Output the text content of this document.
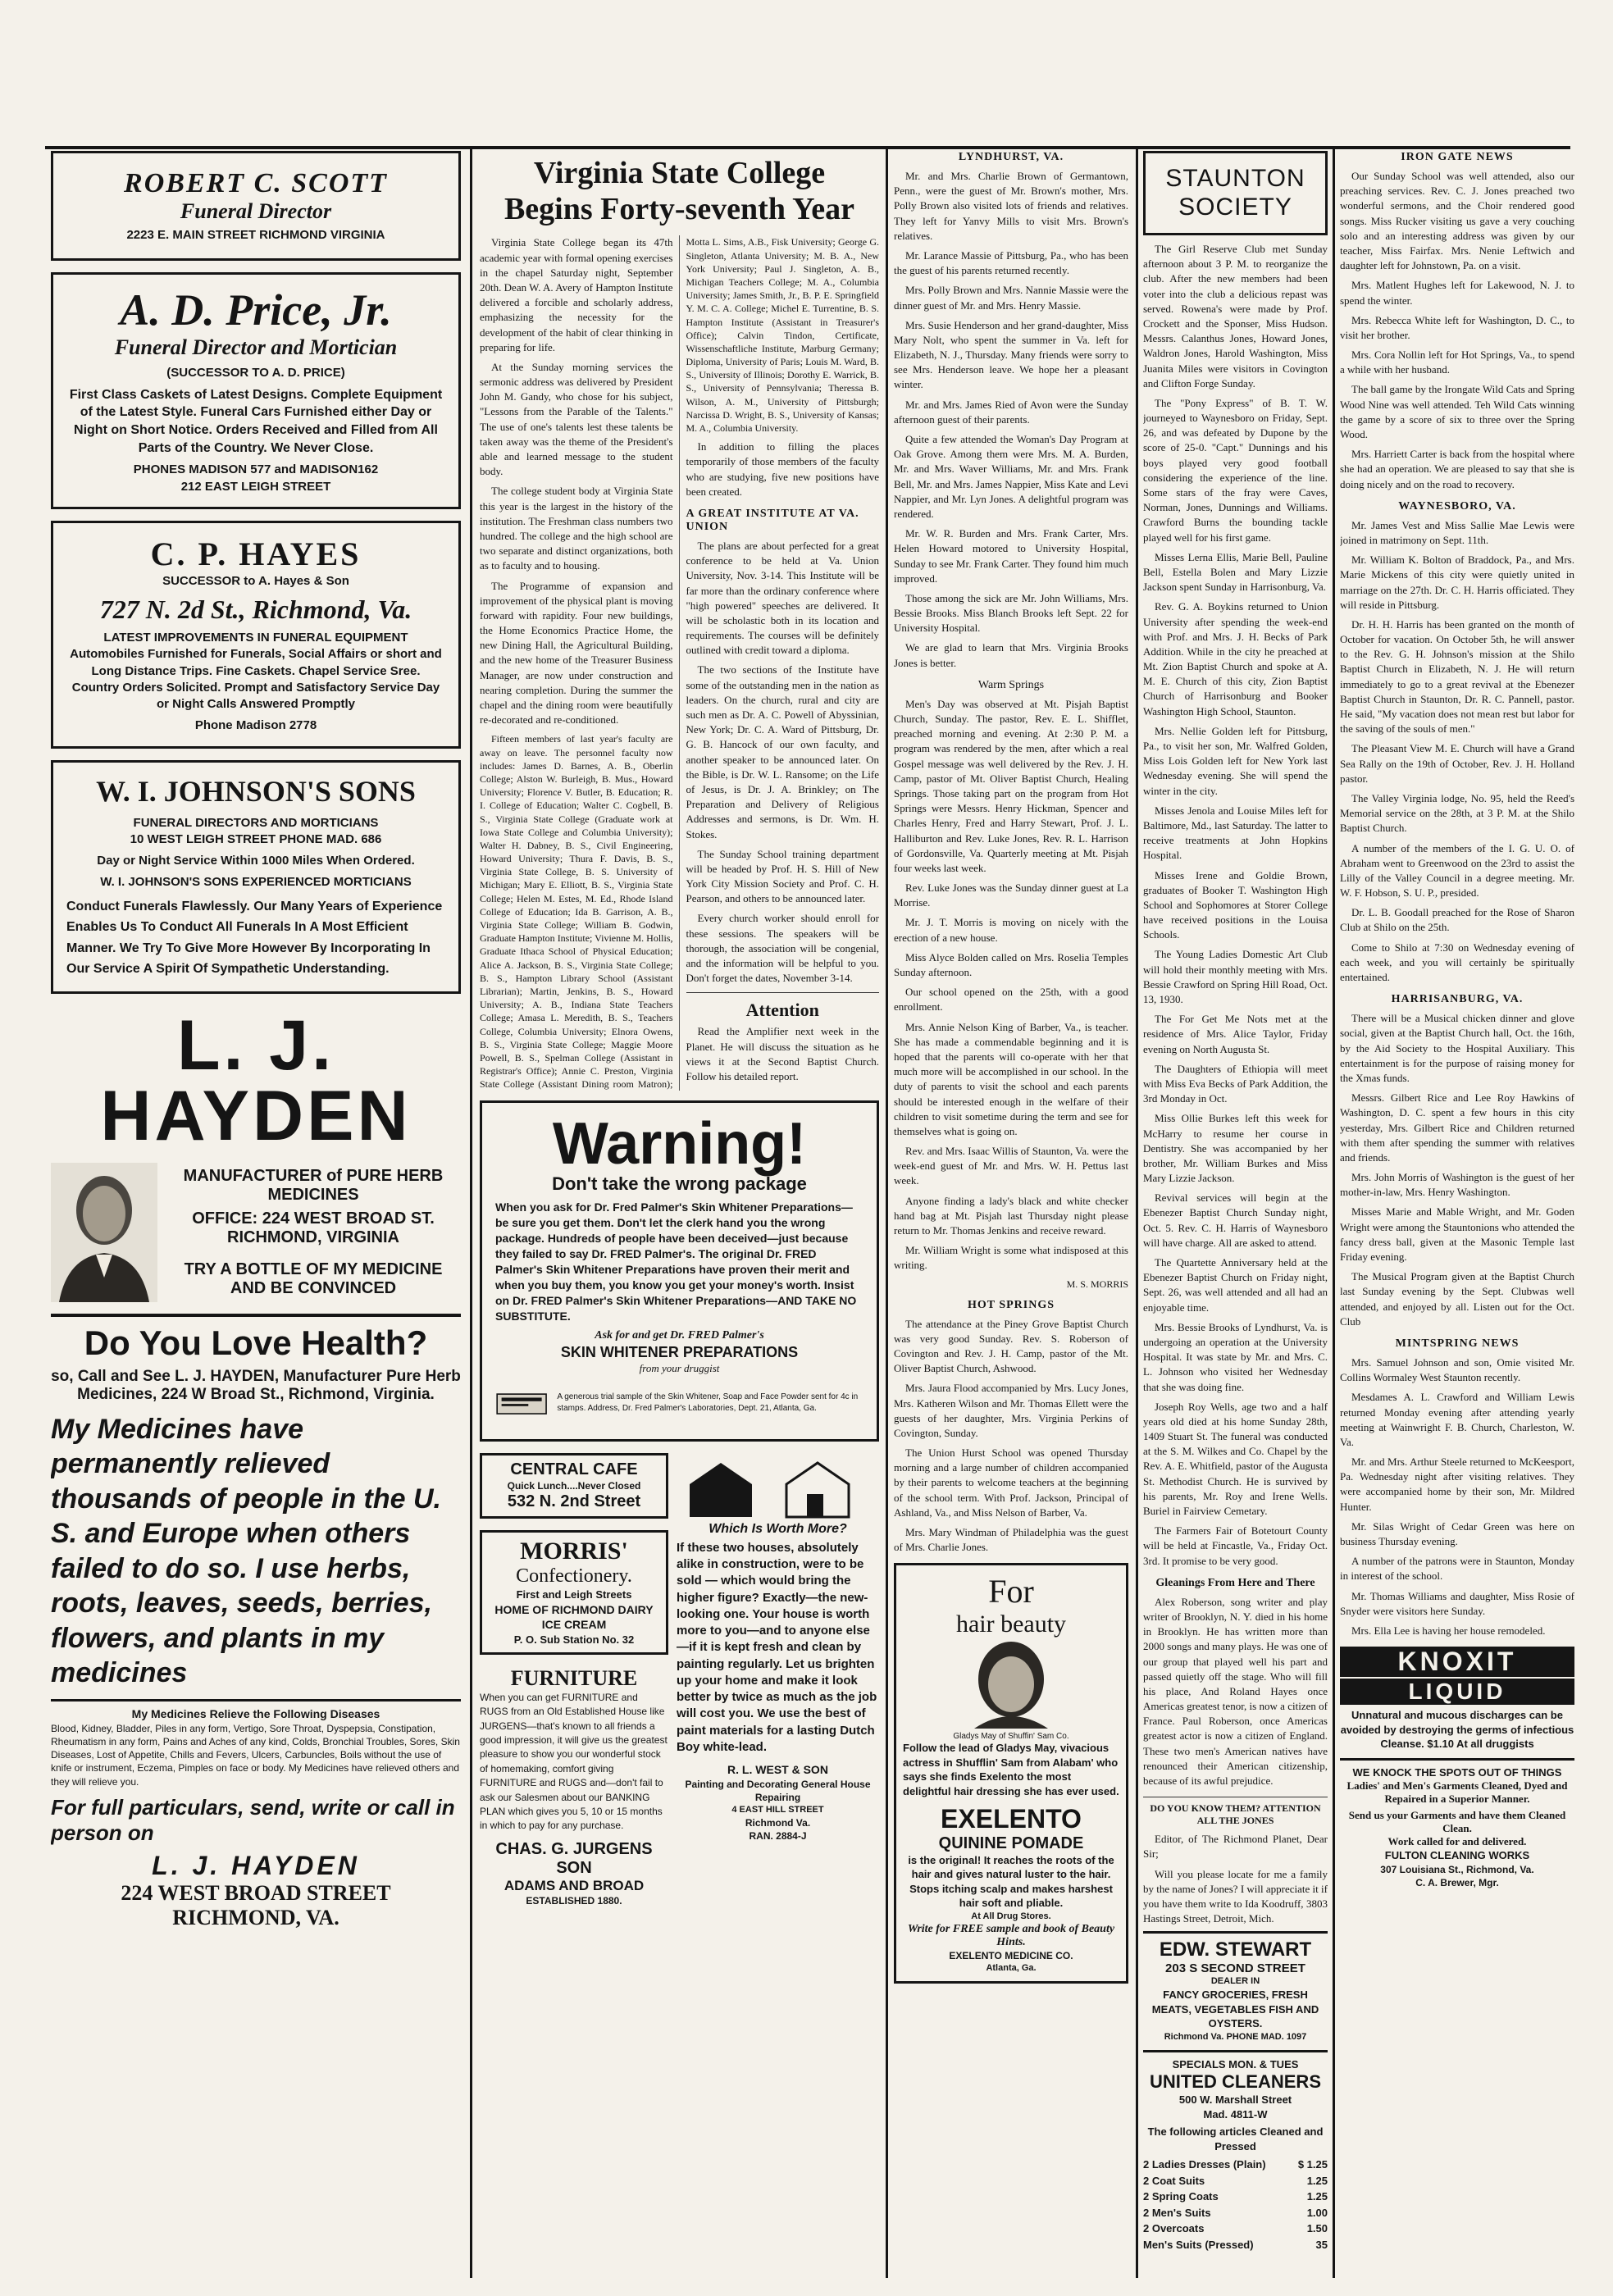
ROBERT C. SCOTT
Funeral Director
2223 E. MAIN STREET RICHMOND VIRGINIA
A. D. Price, Jr.
Funeral Director and Mortician
(SUCCESSOR TO A. D. PRICE)
First Class Caskets of Latest Designs. Complete Equipment of the Latest Style. Funeral Cars Furnished either Day or Night on Short Notice. Orders Received and Filled from All Parts of the Country. We Never Close.
PHONES MADISON 577 and MADISON162
212 EAST LEIGH STREET
C. P. HAYES
SUCCESSOR to A. Hayes & Son
727 N. 2d St., Richmond, Va.
LATEST IMPROVEMENTS IN FUNERAL EQUIPMENT Automobiles Furnished for Funerals, Social Affairs or short and Long Distance Trips. Fine Caskets. Chapel Service Sree. Country Orders Solicited. Prompt and Satisfactory Service Day or Night Calls Answered Promptly
Phone Madison 2778
W. I. JOHNSON'S SONS
FUNERAL DIRECTORS AND MORTICIANS
10 WEST LEIGH STREET PHONE MAD. 686
Day or Night Service Within 1000 Miles When Ordered.
W. I. JOHNSON'S SONS EXPERIENCED MORTICIANS
Conduct Funerals Flawlessly. Our Many Years of Experience Enables Us To Conduct All Funerals In A Most Efficient Manner. We Try To Give More However By Incorporating In Our Service A Spirit Of Sympathetic Understanding.
L. J. HAYDEN
MANUFACTURER of PURE HERB MEDICINES
OFFICE: 224 WEST BROAD ST. RICHMOND, VIRGINIA
TRY A BOTTLE OF MY MEDICINE AND BE CONVINCED
Do You Love Health?
so, Call and See L. J. HAYDEN, Manufacturer Pure Herb Medicines, 224 W Broad St., Richmond, Virginia.
My Medicines have permanently relieved thousands of people in the U. S. and Europe when others failed to do so. I use herbs, roots, leaves, seeds, berries, flowers, and plants in my medicines
My Medicines Relieve the Following Diseases
Blood, Kidney, Bladder, Piles in any form, Vertigo, Sore Throat, Dyspepsia, Constipation, Rheumatism in any form, Pains and Aches of any kind, Colds, Bronchial Troubles, Sores, Skin Diseases, Lost of Appetite, Chills and Fevers, Ulcers, Carbuncles, Boils without the use of knife or instrument, Eczema, Pimples on face or body. My Medicines have relieved others and they will relieve you.
For full particulars, send, write or call in person on
L. J. HAYDEN
224 WEST BROAD STREET
RICHMOND, VA.
Virginia State College Begins Forty-seventh Year

Virginia State College began its 47th academic year with formal opening exercises in the chapel Saturday night, September 20th. Dean W. A. Avery of Hampton Institute delivered a forcible and scholarly address, emphasizing the necessity for the development of the habit of clear thinking in preparing for life.

At the Sunday morning services the sermonic address was delivered by President John M. Gandy, who chose for his subject, "Lessons from the Parable of the Talents." The use of one's talents lest these talents be taken away was the theme of the President's able and learned message to the student body.

The college student body at Virginia State this year is the largest in the history of the institution. The Freshman class numbers two hundred. The college and the high school are two separate and distinct organizations, both as to faculty and to housing.

The Programme of expansion and improvement of the physical plant is moving forward with rapidity. Four new buildings, the Home Economics Practice Home, the new Dining Hall, the Agricultural Building, and the new home of the Treasurer Business Manager, are now under construction and nearing completion. During the summer the chapel and the dining room were beautifully re-decorated and re-conditioned.

Fifteen members of last year's faculty are away on leave. The personnel faculty now includes: James D. Barnes, A. B., Oberlin College; Alston W. Burleigh, B. Mus., Howard University; Florence V. Butler, B. Education; R. I. College of Education; Walter C. Cogbell, B. S., Virginia State College (Graduate work at Iowa State College and Columbia University); Walter H. Dabney, B. S., Civil Engineering, Howard University; Thura F. Davis, B. S., Virginia State College, B. S. University of Michigan; Mary E. Elliott, B. S., Virginia State College; Helen M. Estes, M. Ed., Rhode Island College of Education; Ida B. Garrison, A. B., Virginia State College; William B. Godwin, Graduate Hampton Institute; Vivienne M. Hollis, Graduate Ithaca School of Physical Education; Alice A. Jackson, B. S., Virginia State College; B. S., Hampton Library School (Assistant Librarian); Martin, Jenkins, B. S., Howard University; A. B., Indiana State Teachers College; Amasa L. Meredith, B. S., Teachers College, Columbia University; Elnora Owens, B. S., Virginia State College; Maggie Moore Powell, B. S., Spelman College (Assistant in Registrar's Office); Annie C. Preston, Virginia State College (Assistant Dining room Matron); Motta L. Sims, A.B., Fisk University; George G. Singleton, Atlanta University; M. B. A., New York University; Paul J. Singleton, A. B., Michigan Teachers College; M. A., Columbia University; James Smith, Jr., B. P. E. Springfield Y. M. C. A. College; Michel E. Turrentine, B. S. Hampton Institute (Assistant in Treasurer's Office); Calvin Tindon, Certificate, Wissenschaftliche Institute, Marburg Germany; Diploma, University of Paris; Louis M. Ward, B. S., University of Illinois; Dorothy E. Warrick, B. S., University of Pennsylvania; Theressa B. Wilson, A. M., University of Pittsburgh; Narcissa D. Wright, B. S., University of Kansas; M. A., Columbia University.

In addition to filling the places temporarily of those members of the faculty who are studying, five new positions have been created.

A GREAT INSTITUTE AT VA. UNION

The plans are about perfected for a great conference to be held at Va. Union University, Nov. 3-14. This Institute will be far more than the ordinary conference where "high powered" speeches are delivered. It will be scholastic both in its location and requirements. The courses will be definitely outlined with credit toward a diploma.

The two sections of the Institute have some of the outstanding men in the nation as leaders. On the church, rural and city are such men as Dr. A. C. Powell of Abyssinian, New York; Dr. C. A. Ward of Pittsburg, Dr. G. B. Hancock of our own faculty, and another speaker to be announced later. On the Bible, is Dr. W. L. Ransome; on the Life of Jesus, is Dr. J. A. Brinkley; on The Preparation and Delivery of Religious Addresses and sermons, is Dr. Wm. H. Stokes.

The Sunday School training department will be headed by Prof. H. S. Hill of New York City Mission Society and Prof. C. H. Pearson, and others to be announced later.

Every church worker should enroll for these sessions. The speakers will be thorough, the association will be congenial, and the information will be helpful to you. Don't forget the dates, November 3-14.

Attention

Read the Amplifier next week in the Planet. He will discuss the situation as he views it at the Second Baptist Church. Follow his detailed report.

Warning!
Don't take the wrong package
When you ask for Dr. Fred Palmer's Skin Whitener Preparations—be sure you get them. Don't let the clerk hand you the wrong package. Hundreds of people have been deceived—just because they failed to say Dr. FRED Palmer's. The original Dr. FRED Palmer's Skin Whitener Preparations have proven their merit and when you buy them, you know you get your money's worth. Insist on Dr. FRED Palmer's Skin Whitener Preparations—AND TAKE NO SUBSTITUTE.
Ask for and get Dr. FRED Palmer's
SKIN WHITENER PREPARATIONS
from your druggist
A generous trial sample of the Skin Whitener, Soap and Face Powder sent for 4c in stamps. Address, Dr. Fred Palmer's Laboratories, Dept. 21, Atlanta, Ga.
CENTRAL CAFE
Quick Lunch....Never Closed
532 N. 2nd Street
MORRIS'
Confectionery.
First and Leigh Streets
HOME OF RICHMOND DAIRY ICE CREAM
P. O. Sub Station No. 32
FURNITURE
When you can get FURNITURE and RUGS from an Old Established House like JURGENS—that's known to all friends a good impression, it will give us the greatest pleasure to show you our wonderful stock of homemaking, comfort giving FURNITURE and RUGS and—don't fail to ask our Salesmen about our BANKING PLAN which gives you 5, 10 or 15 months in which to pay for any purchase.
CHAS. G. JURGENS SON
ADAMS AND BROAD
ESTABLISHED 1880.
Which Is Worth More?
If these two houses, absolutely alike in construction, were to be sold — which would bring the higher figure? Exactly—the new-looking one. Your house is worth more to you—and to anyone else—if it is kept fresh and clean by painting regularly. Let us brighten up your home and make it look better by twice as much as the job will cost you. We use the best of paint materials for a lasting Dutch Boy white-lead.
R. L. WEST & SON
Painting and Decorating General House Repairing
4 EAST HILL STREET
Richmond Va.
RAN. 2884-J
LYNDHURST, VA.

Mr. and Mrs. Charlie Brown of Germantown, Penn., were the guest of Mr. Brown's mother, Mrs. Polly Brown also visited lots of friends and relatives. They left for Yanvy Mills to visit Mrs. Brown's relatives.

Mr. Larance Massie of Pittsburg, Pa., who has been the guest of his parents returned recently.

Mrs. Polly Brown and Mrs. Nannie Massie were the dinner guest of Mr. and Mrs. Henry Massie.

Mrs. Susie Henderson and her grand-daughter, Miss Mary Nolt, who spent the summer in Va. left for Elizabeth, N. J., Thursday. Many friends were sorry to see Mrs. Henderson leave. We hope her a pleasant winter.

Mr. and Mrs. James Ried of Avon were the Sunday afternoon guest of their parents.

Quite a few attended the Woman's Day Program at Oak Grove. Among them were Mrs. M. A. Burden, Mr. and Mrs. Waver Williams, Mr. and Mrs. Frank Bell, Mr. and Mrs. James Nappier, Miss Kate and Levi Nappier, and Mr. Lyn Jones. A delightful program was rendered.

Mr. W. R. Burden and Mrs. Frank Carter, Mrs. Helen Howard motored to University Hospital, Sunday to see Mr. Frank Carter. They found him much improved.

Those among the sick are Mr. John Williams, Mrs. Bessie Brooks. Miss Blanch Brooks left Sept. 22 for University Hospital.

We are glad to learn that Mrs. Virginia Brooks Jones is better.

Warm Springs

Men's Day was observed at Mt. Pisjah Baptist Church, Sunday. The pastor, Rev. E. L. Shifflet, preached morning and evening. At 2:30 P. M. a program was rendered by the men, after which a real Gospel message was well delivered by the Rev. J. H. Camp, pastor of Mt. Oliver Baptist Church, Healing Springs. Those taking part on the program from Hot Springs were Messrs. Henry Hickman, Spencer and Charles Henry, Fred and Harry Stewart, Prof. J. L. Halliburton and Rev. Luke Jones, Rev. R. L. Harrison of Gordonsville, Va. Quarterly meeting at Mt. Pisjah four weeks last week.

Rev. Luke Jones was the Sunday dinner guest at La Morrise.

Mr. J. T. Morris is moving on nicely with the erection of a new house.

Miss Alyce Bolden called on Mrs. Roselia Temples Sunday afternoon.

Our school opened on the 25th, with a good enrollment.

Mrs. Annie Nelson King of Barber, Va., is teacher. She has made a commendable beginning and it is hoped that the parents will co-operate with her that much more will be accomplished in our school. In the duty of parents to visit the school and each parents should be interested enough in the welfare of their children to visit sometime during the term and see for themselves what is going on.

Rev. and Mrs. Isaac Willis of Staunton, Va. were the week-end guest of Mr. and Mrs. W. H. Pettus last week.

Anyone finding a lady's black and white checker hand bag at Mt. Pisjah last Thursday night please return to Mr. Thomas Jenkins and receive reward.

Mr. William Wright is some what indisposed at this writing.

M. S. MORRIS
HOT SPRINGS

The attendance at the Piney Grove Baptist Church was very good Sunday. Rev. S. Roberson of Covington and Rev. J. H. Camp, pastor of the Mt. Oliver Baptist Church, Ashwood.

Mrs. Jaura Flood accompanied by Mrs. Lucy Jones, Mrs. Katheren Wilson and Mr. Thomas Ellett were the guests of her daughter, Mrs. Virginia Perkins of Covington, Sunday.

The Union Hurst School was opened Thursday morning and a large number of children accompanied by their parents to welcome teachers at the beginning of the school term. With Prof. Jackson, Principal of Ashland, Va., and Miss Nelson of Barber, Va.

Mrs. Mary Windman of Philadelphia was the guest of Mrs. Charlie Jones.

For
hair beauty
Gladys May of Shuffin' Sam Co.
Follow the lead of Gladys May, vivacious actress in Shufflin' Sam from Alabam' who says she finds Exelento the most delightful hair dressing she has ever used.
EXELENTO
QUININE POMADE
is the original! It reaches the roots of the hair and gives natural luster to the hair. Stops itching scalp and makes harshest hair soft and pliable.
At All Drug Stores.
Write for FREE sample and book of Beauty Hints.
EXELENTO MEDICINE CO.
Atlanta, Ga.
STAUNTON SOCIETY

The Girl Reserve Club met Sunday afternoon about 3 P. M. to reorganize the club. After the new members had been voter into the club a delicious repast was served. Rowena's were made by Prof. Crockett and the Sponser, Miss Hudson. Messrs. Calanthus Jones, Howard Jones, Waldron Jones, Harold Washington, Miss Juanita Miles were visitors in Covington and Clifton Forge Sunday.

The "Pony Express" of B. T. W. journeyed to Waynesboro on Friday, Sept. 26, and was defeated by Dupone by the score of 25-0. "Capt." Dunnings and his boys played very good football considering the experience of the line. Some stars of the fray were Caves, Norman, Jones, Dunnings and Williams. Crawford Burns the bounding tackle played well for his first game.

Misses Lerna Ellis, Marie Bell, Pauline Bell, Estella Bolen and Mary Lizzie Jackson spent Sunday in Harrisonburg, Va.

Rev. G. A. Boykins returned to Union University after spending the week-end with Prof. and Mrs. J. H. Becks of Park Addition. While in the city he preached at Mt. Zion Baptist Church and spoke at A. M. E. Church of this city, Zion Baptist Church of Harrisonburg and Booker Washington High School, Staunton.

Mrs. Nellie Golden left for Pittsburg, Pa., to visit her son, Mr. Walfred Golden, Miss Lois Golden left for New York last Wednesday evening. She will spend the winter in the city.

Misses Jenola and Louise Miles left for Baltimore, Md., last Saturday. The latter to receive treatments at John Hopkins Hospital.

Misses Irene and Goldie Brown, graduates of Booker T. Washington High School and Sophomores at Storer College have received positions in the Louisa Schools.

The Young Ladies Domestic Art Club will hold their monthly meeting with Mrs. Bessie Crawford on Spring Hill Road, Oct. 13, 1930.

The For Get Me Nots met at the residence of Mrs. Alice Taylor, Friday evening on North Augusta St.

The Daughters of Ethiopia will meet with Miss Eva Becks of Park Addition, the 3rd Monday in Oct.

Miss Ollie Burkes left this week for McHarry to resume her course in Dentistry. She was accompanied by her brother, Mr. William Burkes and Miss Mary Lizzie Jackson.

Revival services will begin at the Ebenezer Baptist Church Sunday night, Oct. 5. Rev. C. H. Harris of Waynesboro will have charge. All are asked to attend.

The Quartette Anniversary held at the Ebenezer Baptist Church on Friday night, Sept. 26, was well attended and all had an enjoyable time.

Mrs. Bessie Brooks of Lyndhurst, Va. is undergoing an operation at the University Hospital. It was state by Mr. and Mrs. C. L. Johnson who visited her Wednesday that she was doing fine.

Joseph Roy Wells, age two and a half years old died at his home Sunday 28th, 1409 Stuart St. The funeral was conducted at the S. M. Wilkes and Co. Chapel by the Rev. A. E. Whitfield, pastor of the Augusta St. Methodist Church. He is survived by his parents, Mr. Roy and Irene Wells. Buriel in Fairview Cemetary.

The Farmers Fair of Botetourt County will be held at Fincastle, Va., Friday Oct. 3rd. It promise to be very good.

Gleanings From Here and There

Alex Roberson, song writer and play writer of Brooklyn, N. Y. died in his home in Brooklyn. He has written more than 2000 songs and many plays. He was one of our group that played well his part and passed quietly off the stage. Who will fill his place, And Roland Hayes once Americas greatest tenor, is now a citizen of France. Paul Roberson, once Americas greatest actor is now a citizen of England. These two men's American natives have renounced their American citizenship, because of its awful prejudice.

DO YOU KNOW THEM? ATTENTION ALL THE JONES

Editor, of The Richmond Planet, Dear Sir;

Will you please locate for me a family by the name of Jones? I will appreciate it if you have them write to Ida Koodruff, 3803 Hastings Street, Detroit, Mich.

EDW. STEWART
203 S SECOND STREET
DEALER IN
FANCY GROCERIES, FRESH MEATS, VEGETABLES FISH AND OYSTERS.
Richmond Va. PHONE MAD. 1097
SPECIALS MON. & TUES
UNITED CLEANERS
500 W. Marshall Street
Mad. 4811-W
The following articles Cleaned and Pressed
2 Ladies Dresses (Plain)	$ 1.25
2 Coat Suits	1.25
2 Spring Coats	1.25
2 Men's Suits	1.00
2 Overcoats	1.50
Men's Suits (Pressed)	35
IRON GATE NEWS

Our Sunday School was well attended, also our preaching services. Rev. C. J. Jones preached two wonderful sermons, and the Choir rendered good songs. Miss Rucker visiting us gave a very couching solo and an interesting address was given by our teacher, Miss Fairfax. Mrs. Nenie Leftwich and daughter left for Johnstown, Pa. on a visit.

Mrs. Matlent Hughes left for Lakewood, N. J. to spend the winter.

Mrs. Rebecca White left for Washington, D. C., to visit her brother.

Mrs. Cora Nollin left for Hot Springs, Va., to spend a while with her husband.

The ball game by the Irongate Wild Cats and Spring Wood Nine was well attended. Teh Wild Cats winning the game by a score of six to three over the Spring Wood.

Mrs. Harriett Carter is back from the hospital where she had an operation. We are pleased to say that she is doing nicely and on the road to recovery.

WAYNESBORO, VA.

Mr. James Vest and Miss Sallie Mae Lewis were joined in matrimony on Sept. 11th.

Mr. William K. Bolton of Braddock, Pa., and Mrs. Marie Mickens of this city were quietly united in marriage on the 27th. Dr. C. H. Harris officiated. They will reside in Pittsburg.

Dr. H. H. Harris has been granted on the month of October for vacation. On October 5th, he will answer to the Rev. G. H. Johnson's mission at the Shilo Baptist Church in Elizabeth, N. J. He will return immediately to go to a great revival at the Ebenezer Baptist Church in Staunton, Dr. R. C. Pannell, pastor. He said, "My vacation does not mean rest but labor for the saving of the souls of men."

The Pleasant View M. E. Church will have a Grand Sea Rally on the 19th of October, Rev. J. H. Holland pastor.

The Valley Virginia lodge, No. 95, held the Reed's Memorial service on the 28th, at 3 P. M. at the Shilo Baptist Church.

A number of the members of the I. G. U. O. of Abraham went to Greenwood on the 23rd to assist the Lilly of the Valley Council in a degree meeting. Mr. W. F. Hobson, S. U. P., presided.

Dr. L. B. Goodall preached for the Rose of Sharon Club at Shilo on the 25th.

Come to Shilo at 7:30 on Wednesday evening of each week, and you will certainly be spiritually entertained.

HARRISANBURG, VA.

There will be a Musical chicken dinner and glove social, given at the Baptist Church hall, Oct. the 16th, by the Aid Society to the Hospital Auxiliary. This entertainment is for the purpose of raising money for the Xmas funds.

Messrs. Gilbert Rice and Lee Roy Hawkins of Washington, D. C. spent a few hours in this city yesterday, Mrs. Gilbert Rice and Children returned with them after spending the summer with relatives and friends.

Mrs. John Morris of Washington is the guest of her mother-in-law, Mrs. Henry Washington.

Misses Marie and Mable Wright, and Mr. Goden Wright were among the Stauntonions who attended the fancy dress ball, given at the Masonic Temple last Friday evening.

The Musical Program given at the Baptist Church last Sunday evening by the Sept. Clubwas well attended, and enjoyed by all. Listen out for the Oct. Club

MINTSPRING NEWS

Mrs. Samuel Johnson and son, Omie visited Mr. Collins Wormaley West Staunton recently.

Mesdames A. L. Crawford and William Lewis returned Monday evening after attending yearly meeting at Wainwright F. B. Church, Charleston, W. Va.

Mr. and Mrs. Arthur Steele returned to McKeesport, Pa. Wednesday night after visiting relatives. They were accompanied home by their son, Mr. Mildred Hunter.

Mr. Silas Wright of Cedar Green was here on business Thursday evening.

A number of the patrons were in Staunton, Monday in interest of the school.

Mr. Thomas Williams and daughter, Miss Rosie of Snyder were visitors here Sunday.

Mrs. Ella Lee is having her house remodeled.

KNOXIT
LIQUID
Unnatural and mucous discharges can be avoided by destroying the germs of infectious Cleanse. $1.10 At all druggists
WE KNOCK THE SPOTS OUT OF THINGS
Ladies' and Men's Garments Cleaned, Dyed and Repaired in a Superior Manner.
Send us your Garments and have them Cleaned Clean.
Work called for and delivered.
FULTON CLEANING WORKS
307 Louisiana St., Richmond, Va.
C. A. Brewer, Mgr.
